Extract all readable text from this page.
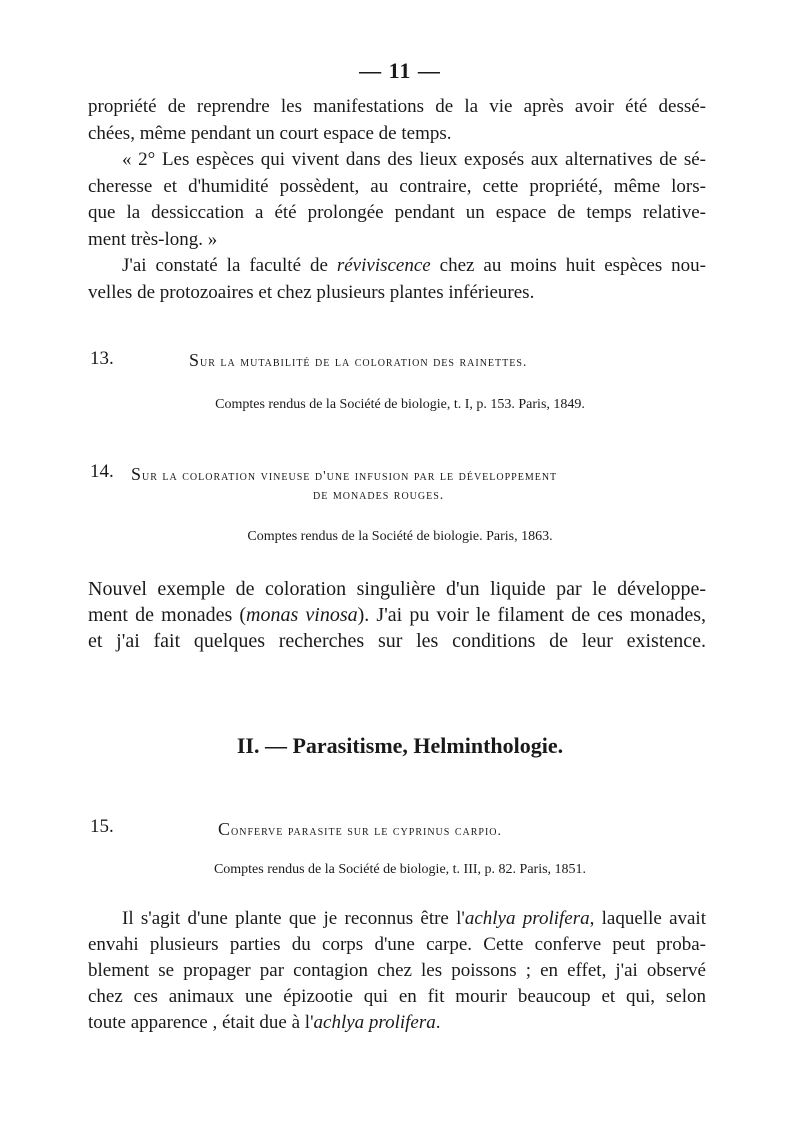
— 11 —
propriété de reprendre les manifestations de la vie après avoir été dessé-
chées, même pendant un court espace de temps.
« 2° Les espèces qui vivent dans des lieux exposés aux alternatives de sé-
cheresse et d'humidité possèdent, au contraire, cette propriété, même lors-
que la dessiccation a été prolongée pendant un espace de temps relative-
ment très-long. »
J'ai constaté la faculté de réviviscence chez au moins huit espèces nou-
velles de protozoaires et chez plusieurs plantes inférieures.
13.	Sur la mutabilité de la coloration des rainettes.
Comptes rendus de la Société de biologie, t. I, p. 153. Paris, 1849.
14. Sur la coloration vineuse d'une infusion par le développement
de monades rouges.
Comptes rendus de la Société de biologie. Paris, 1863.
Nouvel exemple de coloration singulière d'un liquide par le développe-
ment de monades (monas vinosa). J'ai pu voir le filament de ces monades,
et j'ai fait quelques recherches sur les conditions de leur existence.
II. — Parasitisme, Helminthologie.
15.	Conferve parasite sur le cyprinus carpio.
Comptes rendus de la Société de biologie, t. III, p. 82. Paris, 1851.
Il s'agit d'une plante que je reconnus être l'achlya prolifera, laquelle avait
envahi plusieurs parties du corps d'une carpe. Cette conferve peut proba-
blement se propager par contagion chez les poissons ; en effet, j'ai observé
chez ces animaux une épizootie qui en fit mourir beaucoup et qui, selon
toute apparence , était due à l'achlya prolifera.
